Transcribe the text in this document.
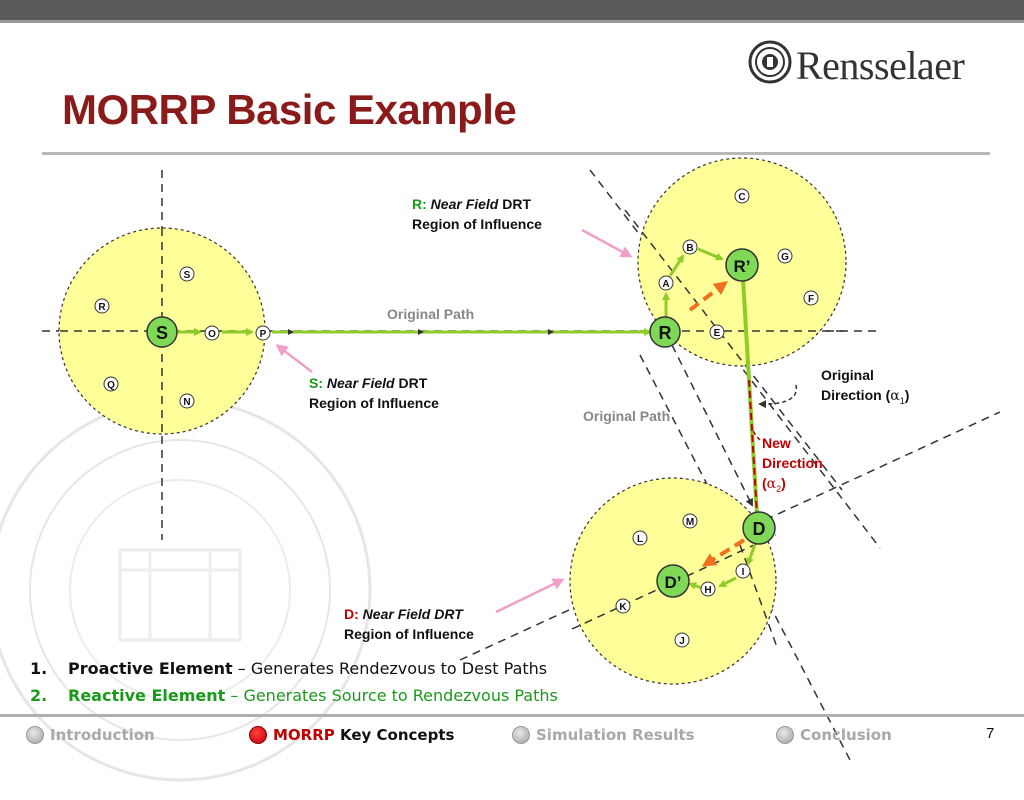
MORRP Basic Example
Rensselaer
S	R
R’
D
D’
S
R
O	P
Q
N
C
B
G
A
F
E
M
L
I
H
K
J
Original Path
Original Path
R: Near Field DRT
Region of Influence
S: Near Field DRT
Region of Influence
D: Near Field DRT
Region of Influence
Original
Direction $(\alpha_1)$
New
Direction
$(\alpha_2)$
1. Proactive Element – Generates Rendezvous to Dest Paths
2. Reactive Element – Generates Source to Rendezvous Paths
Introduction	MORRP Key Concepts	Simulation Results	Conclusion	7
